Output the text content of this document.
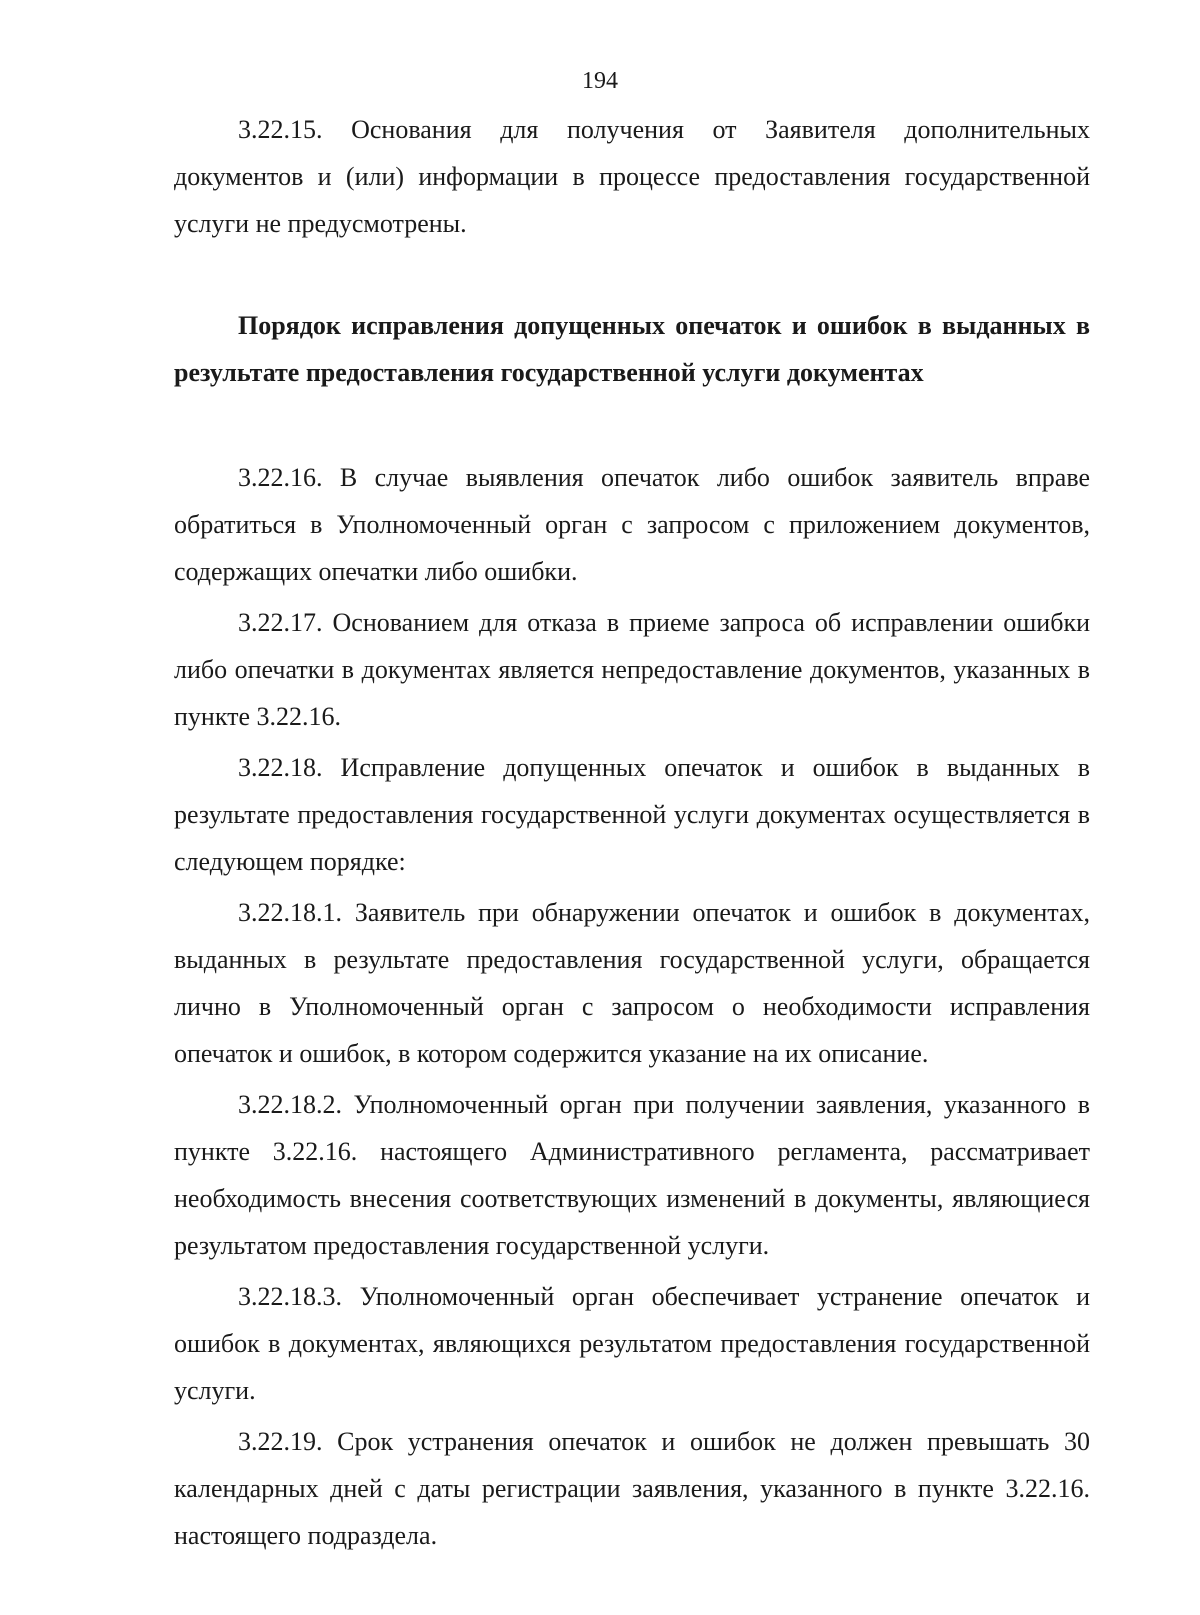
194

3.22.15. Основания для получения от Заявителя дополнительных документов и (или) информации в процессе предоставления государственной услуги не предусмотрены.

Порядок исправления допущенных опечаток и ошибок в выданных в результате предоставления государственной услуги документах

3.22.16. В случае выявления опечаток либо ошибок заявитель вправе обратиться в Уполномоченный орган с запросом с приложением документов, содержащих опечатки либо ошибки.

3.22.17. Основанием для отказа в приеме запроса об исправлении ошибки либо опечатки в документах является непредоставление документов, указанных в пункте 3.22.16.

3.22.18. Исправление допущенных опечаток и ошибок в выданных в результате предоставления государственной услуги документах осуществляется в следующем порядке:

3.22.18.1. Заявитель при обнаружении опечаток и ошибок в документах, выданных в результате предоставления государственной услуги, обращается лично в Уполномоченный орган с запросом о необходимости исправления опечаток и ошибок, в котором содержится указание на их описание.

3.22.18.2. Уполномоченный орган при получении заявления, указанного в пункте 3.22.16. настоящего Административного регламента, рассматривает необходимость внесения соответствующих изменений в документы, являющиеся результатом предоставления государственной услуги.

3.22.18.3. Уполномоченный орган обеспечивает устранение опечаток и ошибок в документах, являющихся результатом предоставления государственной услуги.

3.22.19. Срок устранения опечаток и ошибок не должен превышать 30 календарных дней с даты регистрации заявления, указанного в пункте 3.22.16. настоящего подраздела.
